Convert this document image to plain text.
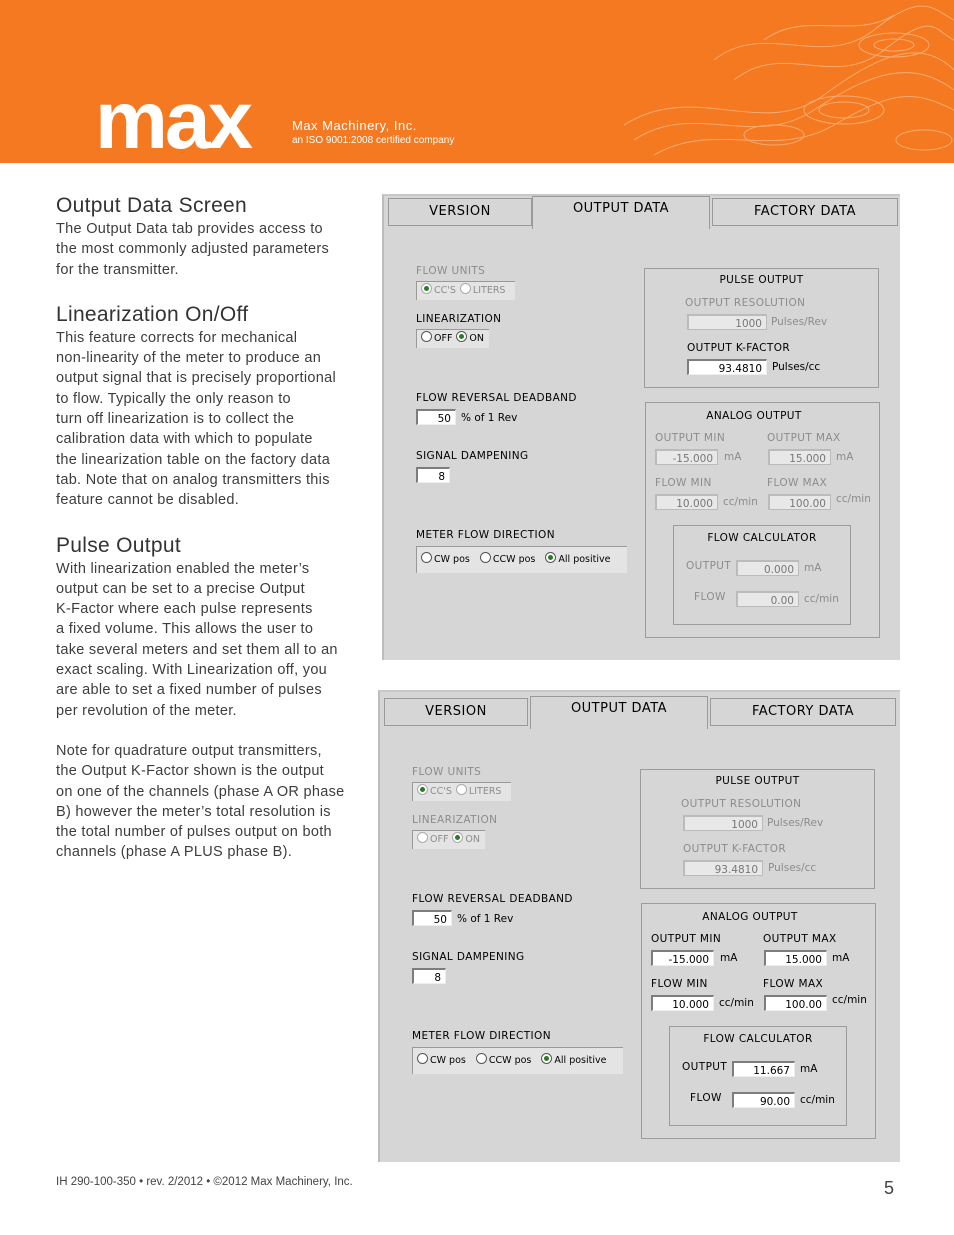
max	Max Machinery, Inc.
an ISO 9001:2008 certified company
Output Data Screen

The Output Data tab provides access to
the most commonly adjusted parameters
for the transmitter.

Linearization On/Off

This feature corrects for mechanical
non-linearity of the meter to produce an
output signal that is precisely proportional
to flow. Typically the only reason to
turn off linearization is to collect the
calibration data with which to populate
the linearization table on the factory data
tab. Note that on analog transmitters this
feature cannot be disabled.

Pulse Output

With linearization enabled the meter’s
output can be set to a precise Output
K-Factor where each pulse represents
a fixed volume. This allows the user to
take several meters and set them all to an
exact scaling. With Linearization off, you
are able to set a fixed number of pulses
per revolution of the meter.

Note for quadrature output transmitters,
the Output K-Factor shown is the output
on one of the channels (phase A OR phase
B) however the meter’s total resolution is
the total number of pulses output on both
channels (phase A PLUS phase B).

VERSION	OUTPUT DATA	FACTORY DATA
FLOW UNITS
CC'S LITERS
LINEARIZATION
OFF ON
FLOW REVERSAL DEADBAND
50 % of 1 Rev
SIGNAL DAMPENING
8
METER FLOW DIRECTION
CW pos CCW pos All positive
PULSE OUTPUT
OUTPUT RESOLUTION
1000 Pulses/Rev
OUTPUT K-FACTOR
93.4810 Pulses/cc
ANALOG OUTPUT
OUTPUT MIN	OUTPUT MAX
-15.000	mA	15.000 mA
FLOW MIN	FLOW MAX
10.000 cc/min	100.00 cc/min
FLOW CALCULATOR
OUTPUT	0.000 mA
FLOW	0.00 cc/min
VERSION	OUTPUT DATA	FACTORY DATA
FLOW UNITS
CC'S LITERS
LINEARIZATION
OFF ON
FLOW REVERSAL DEADBAND
50 % of 1 Rev
SIGNAL DAMPENING
8
METER FLOW DIRECTION
CW pos CCW pos All positive
PULSE OUTPUT
OUTPUT RESOLUTION
1000 Pulses/Rev
OUTPUT K-FACTOR
93.4810 Pulses/cc
ANALOG OUTPUT
OUTPUT MIN	OUTPUT MAX
-15.000	mA	15.000 mA
FLOW MIN	FLOW MAX
10.000 cc/min	100.00 cc/min
FLOW CALCULATOR
OUTPUT	11.667 mA
FLOW	90.00 cc/min
IH 290-100-350 • rev. 2/2012 • ©2012 Max Machinery, Inc.	5
